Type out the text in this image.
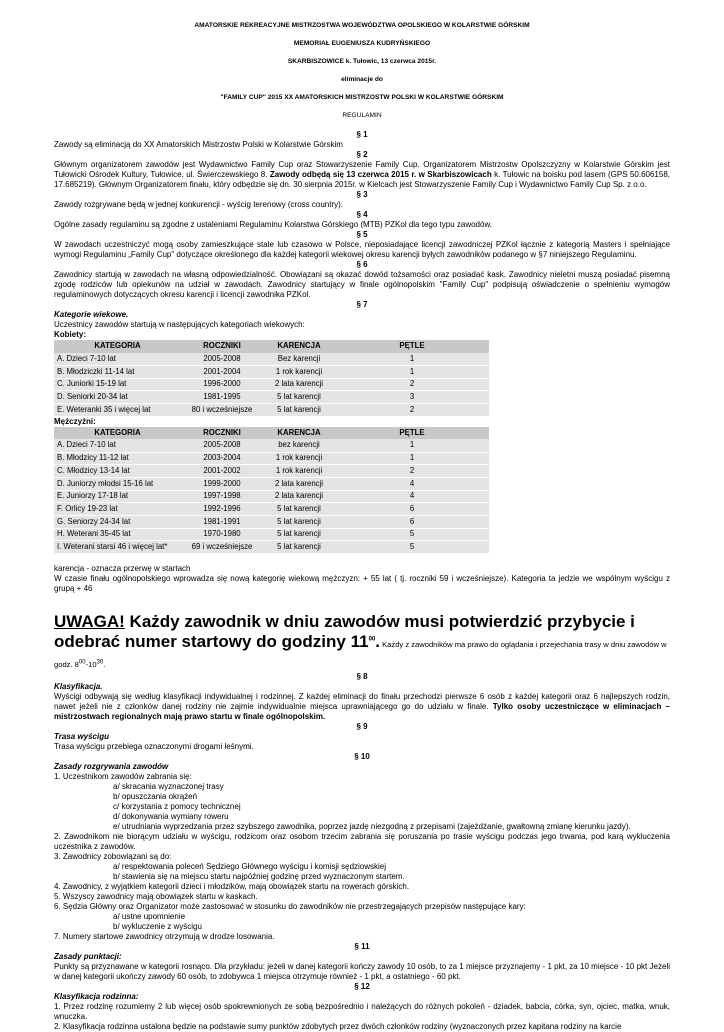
AMATORSKIE REKREACYJNE MISTRZOSTWA WOJEWÓDZTWA OPOLSKIEGO W KOLARSTWIE GÓRSKIM
MEMORIAŁ EUGENIUSZA KUDRYŃSKIEGO
SKARBISZOWICE k. Tułowic, 13 czerwca 2015r.
eliminacje do
"FAMILY CUP" 2015 XX AMATORSKICH MISTRZOSTW POLSKI W KOLARSTWIE GÓRSKIM
REGULAMIN
§ 1
Zawody są eliminacją do XX Amatorskich Mistrzostw Polski w Kolarstwie Górskim
§ 2
Głównym organizatorem zawodów jest Wydawnictwo Family Cup oraz Stowarzyszenie Family Cup. Organizatorem Mistrzostw Opolszczyzny w Kolarstwie Górskim jest Tułowicki Ośrodek Kultury, Tułowice, ul. Świerczewskiego 8. Zawody odbędą się 13 czerwca 2015 r. w Skarbiszowicach k. Tułowic na boisku pod lasem (GPS 50.606158, 17.685219). Głównym Organizatorem finału, który odbędzie się dn. 30 sierpnia 2015r. w Kielcach jest Stowarzyszenie Family Cup i Wydawnictwo Family Cup Sp. z o.o.
§ 3
Zawody rozgrywane będą w jednej konkurencji - wyścig terenowy (cross country).
§ 4
Ogólne zasady regulaminu są zgodne z ustaleniami Regulaminu Kolarstwa Górskiego (MTB) PZKol dla tego typu zawodów.
§ 5
W zawodach uczestniczyć mogą osoby zamieszkujące stale lub czasowo w Polsce, nieposiadające licencji zawodniczej PZKol łącznie z kategorią Masters i spełniające wymogi Regulaminu „Family Cup" dotyczące określonego dla każdej kategorii wiekowej okresu karencji byłych zawodników podanego w §7 niniejszego Regulaminu.
§ 6
Zawodnicy startują w zawodach na własną odpowiedzialność. Obowiązani są okazać dowód tożsamości oraz posiadać kask. Zawodnicy nieletni muszą posiadać pisemną zgodę rodziców lub opiekunów na udział w zawodach. Zawodnicy startujący w finale ogólnopolskim "Family Cup" podpisują oświadczenie o spełnieniu wymogów regulaminowych dotyczących okresu karencji i licencji zawodnika PZKol.
§ 7
Kategorie wiekowe.
Uczestnicy zawodów startują w następujących kategoriach wiekowych:
Kobiety:
KATEGORIA	ROCZNIKI	KARENCJA	PĘTLE
A. Dzieci 7-10 lat	2005-2008	Bez karencji	1
B. Młodziczki 11-14 lat	2001-2004	1 rok karencji	1
C. Juniorki 15-19 lat	1996-2000	2 lata karencji	2
D. Seniorki 20-34 lat	1981-1995	5 lat karencji	3
E. Weteranki 35 i więcej lat	80 i wcześniejsze	5 lat karencji	2
Mężczyźni:
KATEGORIA	ROCZNIKI	KARENCJA	PĘTLE
A. Dzieci 7-10 lat	2005-2008	bez karencji	1
B. Młodzicy 11-12 lat	2003-2004	1 rok karencji	1
C. Młodzicy 13-14 lat	2001-2002	1 rok karencji	2
D. Juniorzy młodsi 15-16 lat	1999-2000	2 lata karencji	4
E. Juniorzy 17-18 lat	1997-1998	2 lata karencji	4
F. Orlicy 19-23 lat	1992-1996	5 lat karencji	6
G. Seniorzy 24-34 lat	1981-1991	5 lat karencji	6
H. Weterani 35-45 lat	1970-1980	5 lat karencji	5
I. Weterani starsi 46 i więcej lat*	69 i wcześniejsze	5 lat karencji	5
karencja - oznacza przerwę w startach
W czasie finału ogólnopolskiego wprowadza się nową kategorię wiekową mężczyzn: + 55 lat ( tj. roczniki 59 i wcześniejsze). Kategoria ta jedzie we wspólnym wyścigu z grupą + 46
UWAGA! Każdy zawodnik w dniu zawodów musi potwierdzić przybycie i odebrać numer startowy do godziny $11^{00}$. Każdy z zawodników ma prawo do oglądania i przejechania trasy w dniu zawodów w godz. $8^{00}-10^{30}$.
§ 8
Klasyfikacja.
Wyścigi odbywają się według klasyfikacji indywidualnej i rodzinnej. Z każdej eliminacji do finału przechodzi pierwsze 6 osób z każdej kategorii oraz 6 najlepszych rodzin, nawet jeżeli nie z członków danej rodziny nie zajmie indywidualnie miejsca uprawniającego go do udziału w finale. Tylko osoby uczestniczące w eliminacjach – mistrzostwach regionalnych mają prawo startu w finale ogólnopolskim.
§ 9
Trasa wyścigu
Trasa wyścigu przebiega oznaczonymi drogami leśnymi.
§ 10
Zasady rozgrywania zawodów
1. Uczestnikom zawodów zabrania się:
a/ skracania wyznaczonej trasy
b/ opuszczania okrążeń
c/ korzystania z pomocy technicznej
d/ dokonywania wymiany roweru
e/ utrudniania wyprzedzania przez szybszego zawodnika, poprzez jazdę niezgodną z przepisami (zajeżdżanie, gwałtowną zmianę kierunku jazdy).
2. Zawodnikom nie biorącym udziału w wyścigu, rodzicom oraz osobom trzecim zabrania się poruszania po trasie wyścigu podczas jego trwania, pod karą wykluczenia uczestnika z zawodów.
3. Zawodnicy zobowiązani są do:
a/ respektowania poleceń Sędziego Głównego wyścigu i komisji sędziowskiej
b/ stawienia się na miejscu startu najpóźniej godzinę przed wyznaczonym startem.
4. Zawodnicy, z wyjątkiem kategorii dzieci i młodzików, mają obowiązek startu na rowerach górskich.
5. Wszyscy zawodnicy mają obowiązek startu w kaskach.
6. Sędzia Główny oraz Organizator może zastosować w stosunku do zawodników nie przestrzegających przepisów następujące kary:
a/ ustne upomnienie
b/ wykluczenie z wyścigu
7. Numery startowe zawodnicy otrzymują w drodze losowania.
§ 11
Zasady punktacji:
Punkty są przyznawane w kategorii rosnąco. Dla przykładu: jeżeli w danej kategorii kończy zawody 10 osób, to za 1 miejsce przyznajemy - 1 pkt, za 10 miejsce - 10 pkt Jeżeli w danej kategorii ukończy zawody 60 osób, to zdobywca 1 miejsca otrzymuje również - 1 pkt, a ostatniego - 60 pkt.
§ 12
Klasyfikacja rodzinna:
1. Przez rodzinę rozumiemy 2 lub więcej osób spokrewnionych ze sobą bezpośrednio i należących do różnych pokoleń - dziadek, babcia, córka, syn, ojciec, matka, wnuk, wnuczka.
2. Klasyfikacja rodzinna ustalona będzie na podstawie sumy punktów zdobytych przez dwóch członków rodziny (wyznaczonych przez kapitana rodziny na karcie
